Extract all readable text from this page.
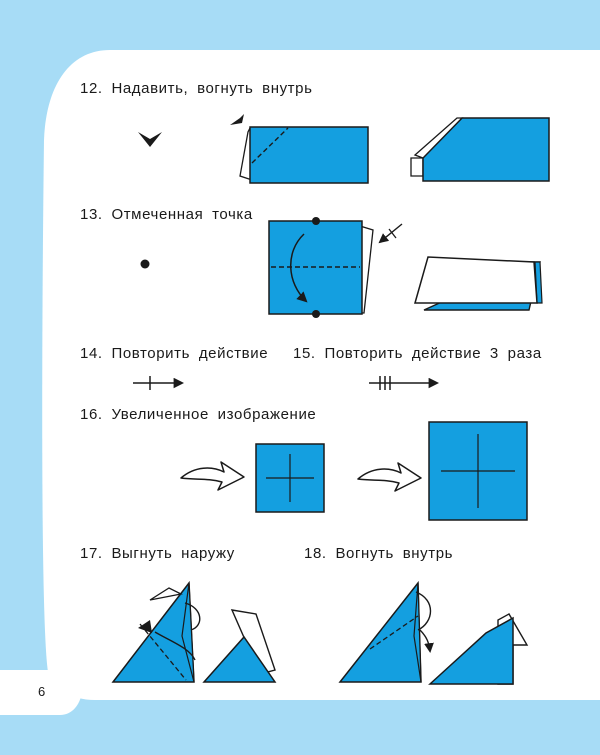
12. Надавить, вогнуть внутрь
13. Отмеченная точка
14. Повторить действие 15. Повторить действие 3 раза
16. Увеличенное изображение
17. Выгнуть наружу	18. Вогнуть внутрь
6
